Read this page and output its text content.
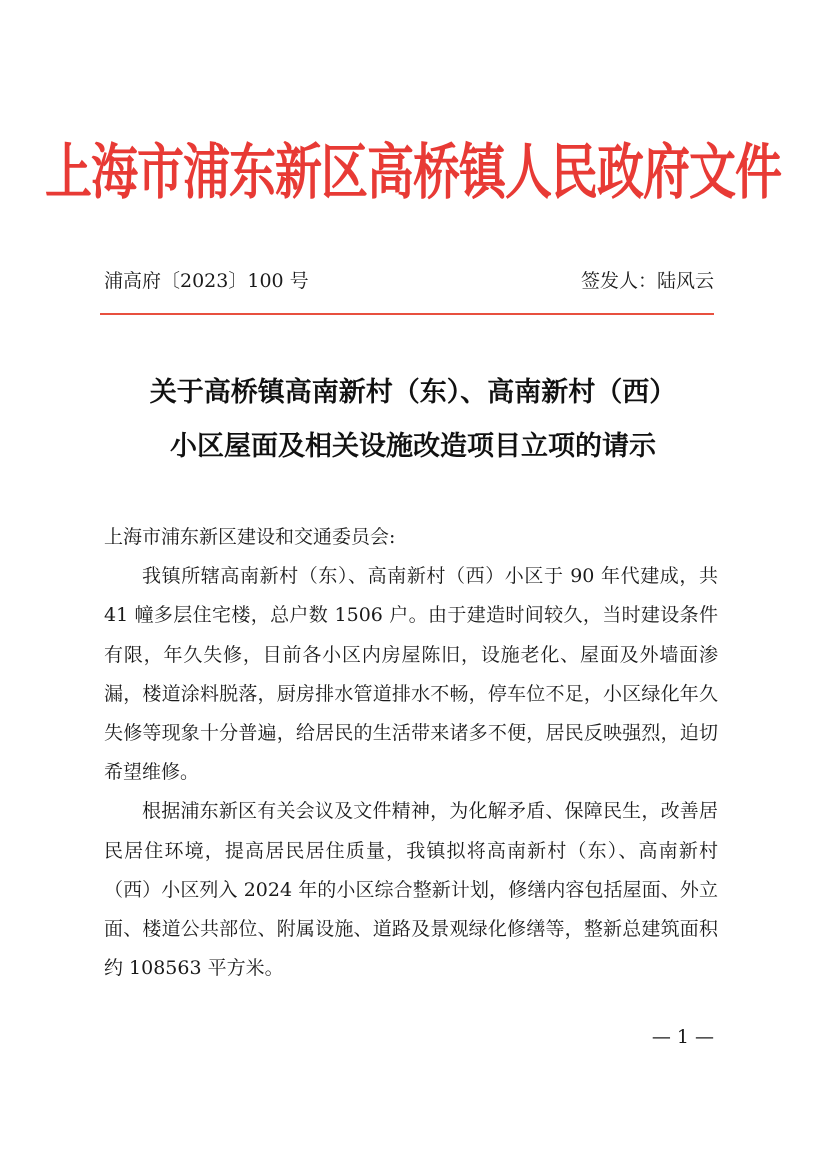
上海市浦东新区高桥镇人民政府文件
浦高府〔2023〕100 号	签发人：陆风云
关于高桥镇高南新村（东）、高南新村（西）
小区屋面及相关设施改造项目立项的请示

上海市浦东新区建设和交通委员会:

我镇所辖高南新村（东）、高南新村（西）小区于 90 年代建成，共 41 幢多层住宅楼，总户数 1506 户。由于建造时间较久，当时建设条件有限，年久失修，目前各小区内房屋陈旧，设施老化、屋面及外墙面渗漏，楼道涂料脱落，厨房排水管道排水不畅，停车位不足，小区绿化年久失修等现象十分普遍，给居民的生活带来诸多不便，居民反映强烈，迫切希望维修。

根据浦东新区有关会议及文件精神，为化解矛盾、保障民生，改善居民居住环境，提高居民居住质量，我镇拟将高南新村（东）、高南新村（西）小区列入 2024 年的小区综合整新计划，修缮内容包括屋面、外立面、楼道公共部位、附属设施、道路及景观绿化修缮等，整新总建筑面积约 108563 平方米。

— 1 —
